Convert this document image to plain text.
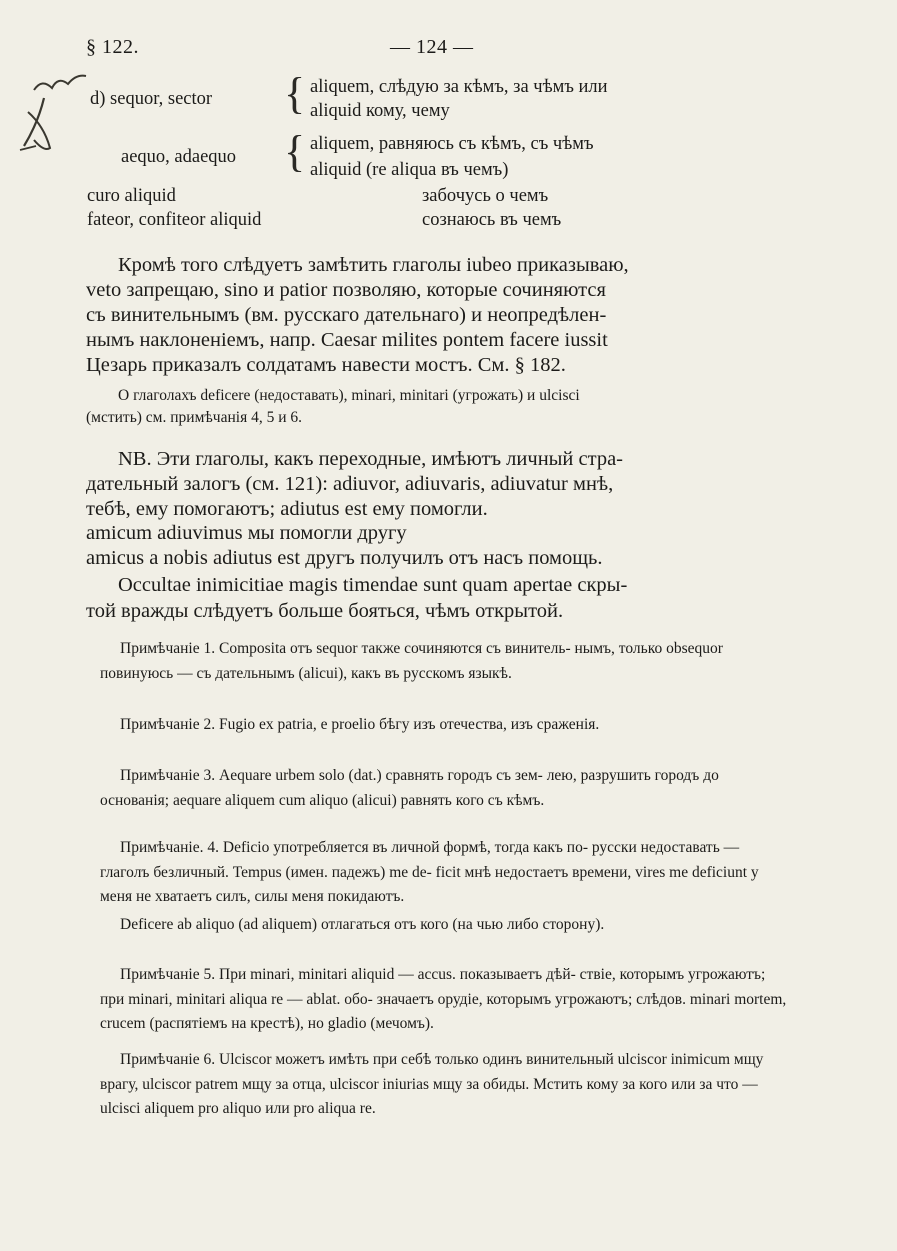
§ 122.	— 124 —
d) sequor, sector { aliquem, слѣдую за кѣмъ, за чѣмъ или
aliquid кому, чему
aequo, adaequo { aliquem, равняюсь съ кѣмъ, съ чѣмъ
aliquid (re aliqua въ чемъ)
curo aliquid	забочусь о чемъ
fateor, confiteor aliquid	сознаюсь въ чемъ
Кромѣ того слѣдуетъ замѣтить глаголы iubeo приказываю,
veto запрещаю, sino и patior позволяю, которые сочиняются
съ винительнымъ (вм. русскаго дательнаго) и неопредѣлен-
нымъ наклоненіемъ, напр. Caesar milites pontem facere iussit
Цезарь приказалъ солдатамъ навести мостъ. См. § 182.
О глаголахъ deficere (недоставать), minari, minitari (угрожать) и ulcisci
(мстить) см. примѣчанія 4, 5 и 6.
NB. Эти глаголы, какъ переходные, имѣютъ личный стра-
дательный залогъ (см. 121): adiuvor, adiuvaris, adiuvatur мнѣ,
тебѣ, ему помогаютъ; adiutus est ему помогли.
amicum adiuvimus мы помогли другу
amicus a nobis adiutus est другъ получилъ отъ насъ помощь.
Occultae inimicitiae magis timendae sunt quam apertae скры-
той вражды слѣдуетъ больше бояться, чѣмъ открытой.
Примѣчаніе 1. Composita отъ sequor также сочиняются съ винитель- нымъ, только obsequor повинуюсь — съ дательнымъ (alicui), какъ въ русскомъ языкѣ.
Примѣчаніе 2. Fugio ex patria, e proelio бѣгу изъ отечества, изъ сраженія.
Примѣчаніе 3. Aequare urbem solo (dat.) сравнять городъ съ зем- лею, разрушить городъ до основанія; aequare aliquem cum aliquo (alicui) равнять кого съ кѣмъ.
Примѣчаніе. 4. Deficio употребляется въ личной формѣ, тогда какъ по- русски недоставать — глаголъ безличный. Tempus (имен. падежъ) me de- ficit мнѣ недостаетъ времени, vires me deficiunt у меня не хватаетъ силъ, силы меня покидаютъ.
Deficere ab aliquo (ad aliquem) отлагаться отъ кого (на чью либо сторону).
Примѣчаніе 5. При minari, minitari aliquid — accus. показываетъ дѣй- ствіе, которымъ угрожаютъ; при minari, minitari aliqua re — ablat. обо- значаетъ орудіе, которымъ угрожаютъ; слѣдов. minari mortem, crucem (распятіемъ на крестѣ), но gladio (мечомъ).
Примѣчаніе 6. Ulciscor можетъ имѣть при себѣ только одинъ винительный ulciscor inimicum мщу врагу, ulciscor patrem мщу за отца, ulciscor iniurias мщу за обиды. Мстить кому за кого или за что — ulcisci aliquem pro aliquo или pro aliqua re.
